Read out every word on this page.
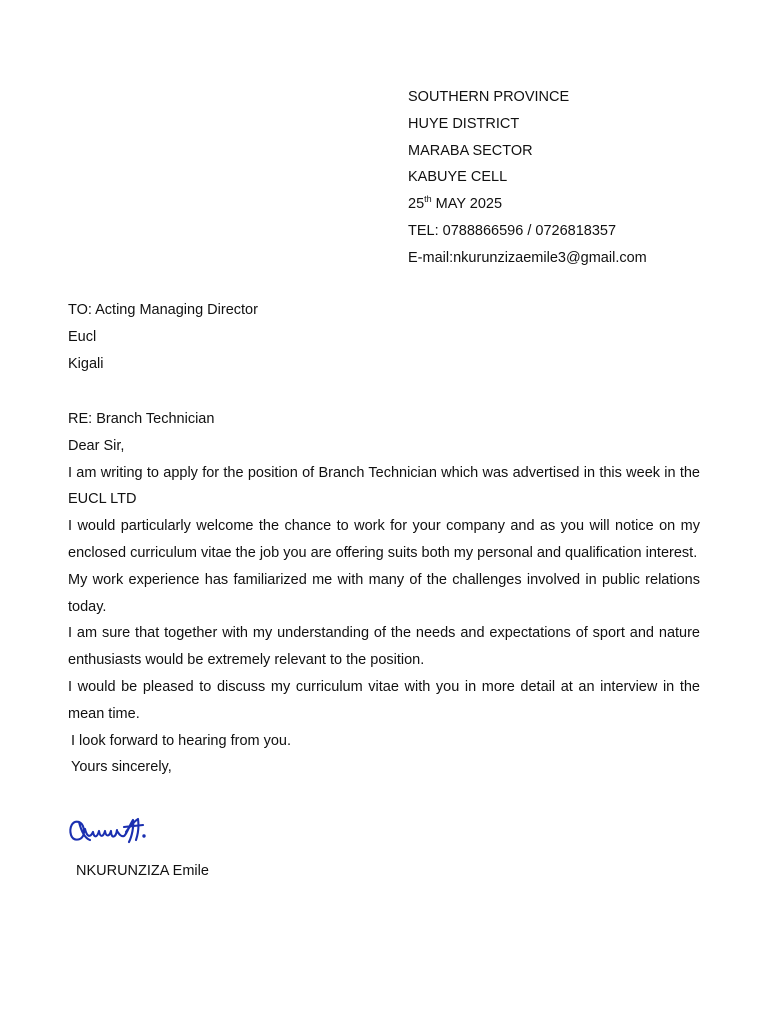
SOUTHERN PROVINCE
HUYE DISTRICT
MARABA SECTOR
KABUYE CELL
25th MAY 2025
TEL: 0788866596 / 0726818357
E-mail:nkurunzizaemile3@gmail.com
TO: Acting Managing Director
Eucl
Kigali
RE: Branch Technician
Dear Sir,
I am writing to apply for the position of Branch Technician which was advertised in this week in the EUCL LTD
I would particularly welcome the chance to work for your company and as you will notice on my enclosed curriculum vitae the job you are offering suits both my personal and qualification interest.
My work experience has familiarized me with many of the challenges involved in public relations today.
I am sure that together with my understanding of the needs and expectations of sport and nature enthusiasts would be extremely relevant to the position.
I would be pleased to discuss my curriculum vitae with you in more detail at an interview in the mean time.
I look forward to hearing from you.
Yours sincerely,
NKURUNZIZA Emile
